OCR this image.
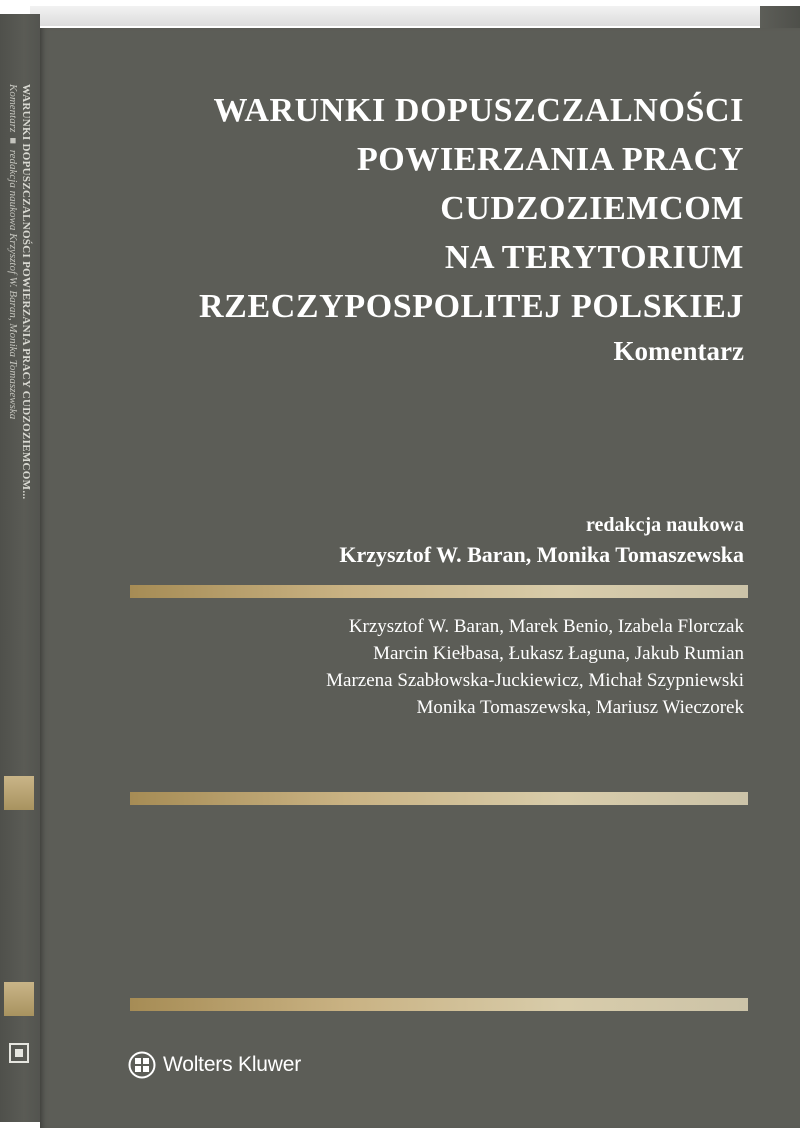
WARUNKI DOPUSZCZALNOŚCI POWIERZANIA PRACY CUDZOZIEMCOM...
Komentarz ■ redakcja naukowa Krzysztof W. Baran, Monika Tomaszewska	WARUNKI DOPUSZCZALNOŚCI
POWIERZANIA PRACY
CUDZOZIEMCOM
NA TERYTORIUM
RZECZYPOSPOLITEJ POLSKIEJ
Komentarz
redakcja naukowa
Krzysztof W. Baran, Monika Tomaszewska
Krzysztof W. Baran, Marek Benio, Izabela Florczak
Marcin Kiełbasa, Łukasz Łaguna, Jakub Rumian
Marzena Szabłowska-Juckiewicz, Michał Szypniewski
Monika Tomaszewska, Mariusz Wieczorek
Wolters Kluwer
